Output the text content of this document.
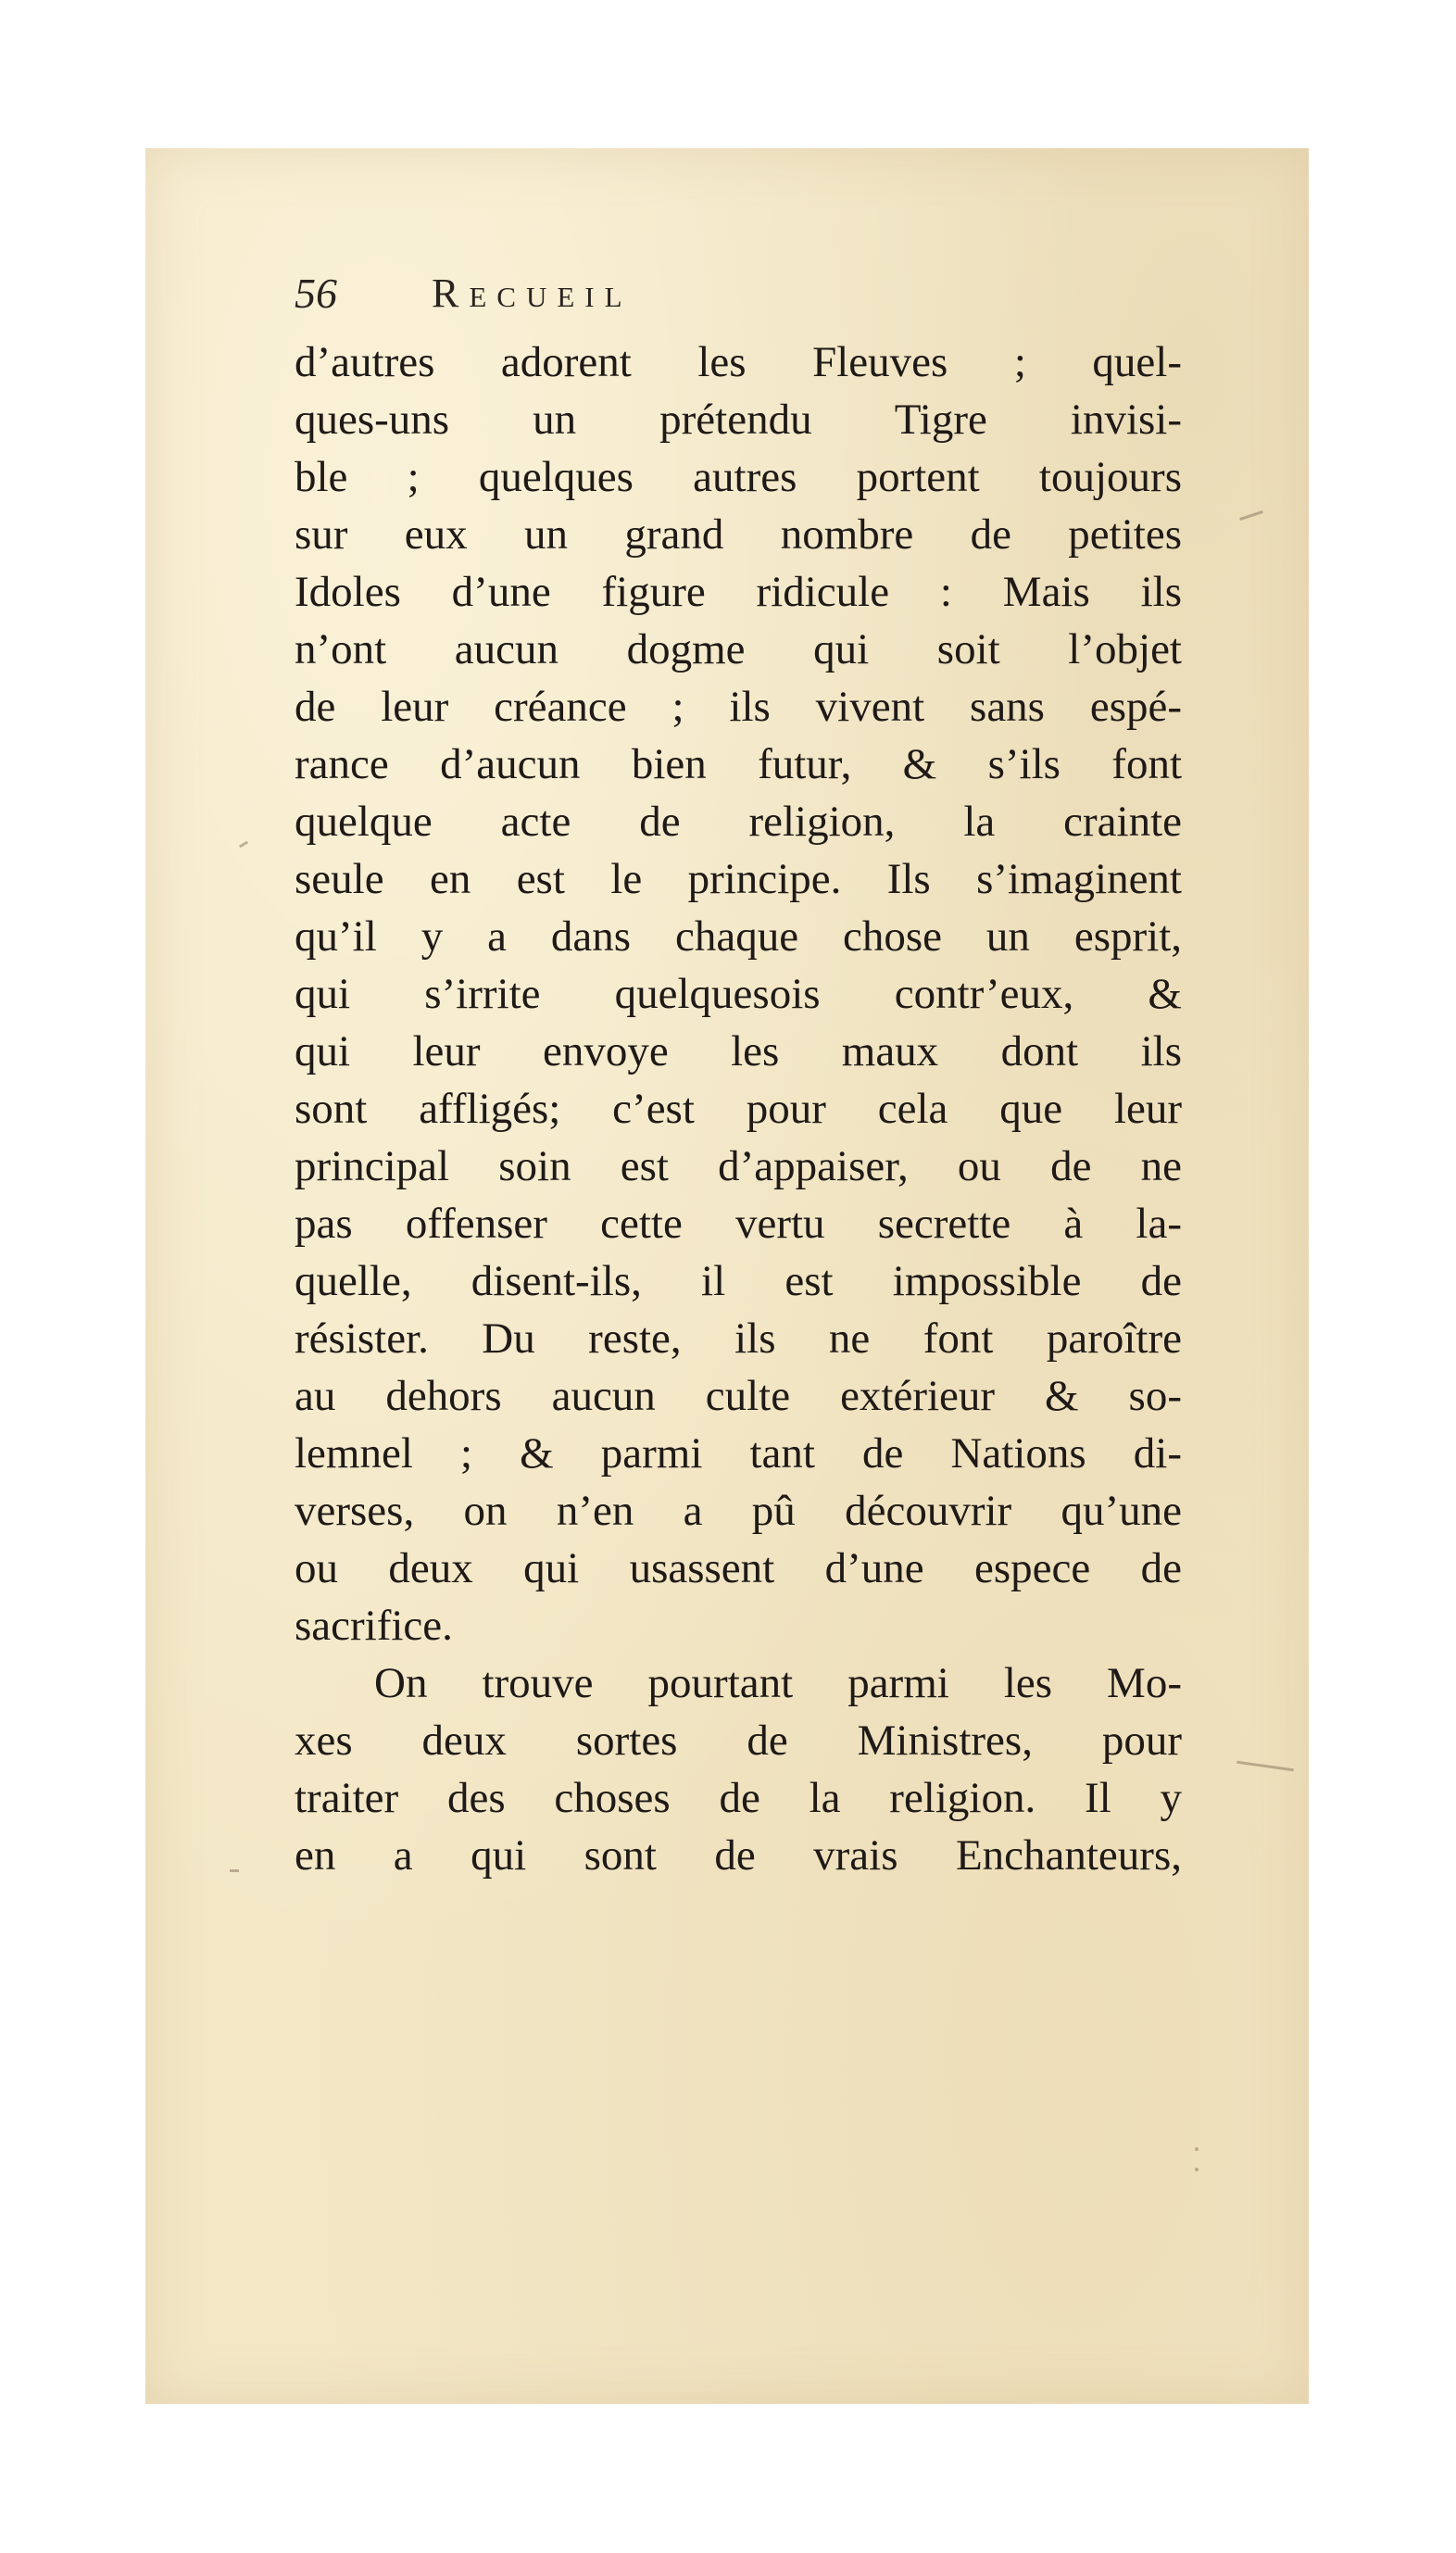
56 Recueil
d’autres adorent les Fleuves ; quel-
ques-uns un prétendu Tigre invisi-
ble ; quelques autres portent toujours
sur eux un grand nombre de petites
Idoles d’une figure ridicule : Mais ils
n’ont aucun dogme qui soit l’objet
de leur créance ; ils vivent sans espé-
rance d’aucun bien futur, & s’ils font
quelque acte de religion, la crainte
seule en est le principe. Ils s’imaginent
qu’il y a dans chaque chose un esprit,
qui s’irrite quelquesois contr’eux, &
qui leur envoye les maux dont ils
sont affligés; c’est pour cela que leur
principal soin est d’appaiser, ou de ne
pas offenser cette vertu secrette à la-
quelle, disent-ils, il est impossible de
résister. Du reste, ils ne font paroître
au dehors aucun culte extérieur & so-
lemnel ; & parmi tant de Nations di-
verses, on n’en a pû découvrir qu’une
ou deux qui usassent d’une espece de
sacrifice.
On trouve pourtant parmi les Mo-
xes deux sortes de Ministres, pour
traiter des choses de la religion. Il y
en a qui sont de vrais Enchanteurs,
